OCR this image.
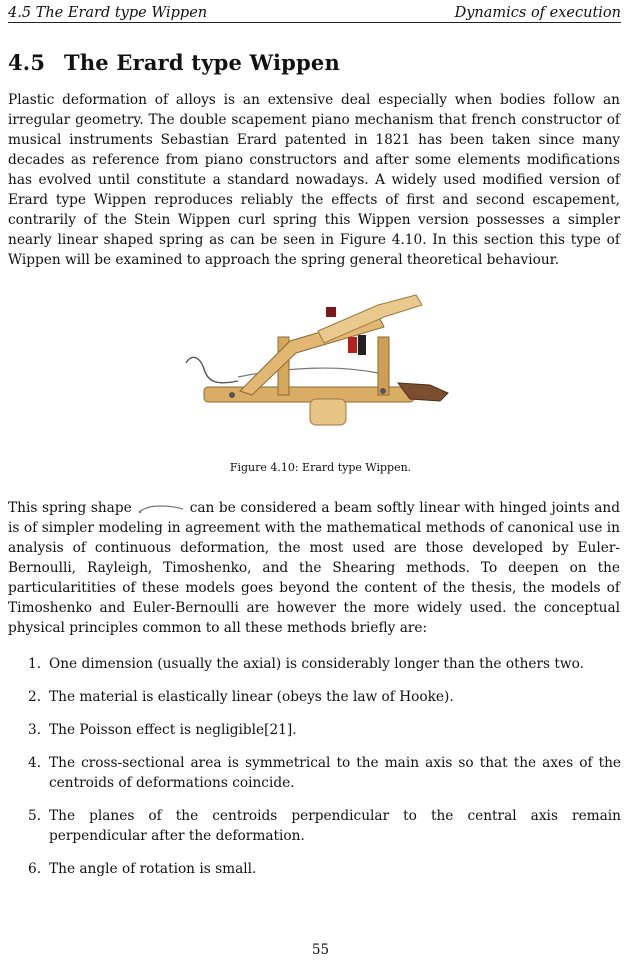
4.5 The Erard type Wippen	Dynamics of execution
4.5 The Erard type Wippen

Plastic deformation of alloys is an extensive deal especially when bodies follow an irregular geometry. The double scapement piano mechanism that french constructor of musical instruments Sebastian Erard patented in 1821 has been taken since many decades as reference from piano constructors and after some elements modifications has evolved until constitute a standard nowadays. A widely used modified version of Erard type Wippen reproduces reliably the effects of first and second escapement, contrarily of the Stein Wippen curl spring this Wippen version possesses a simpler nearly linear shaped spring as can be seen in Figure 4.10. In this section this type of Wippen will be examined to approach the spring general theoretical behaviour.

Figure 4.10: Erard type Wippen.

This spring shape	can be considered a beam softly linear with hinged joints and is of simpler modeling in agreement with the mathematical methods of canonical use in analysis of continuous deformation, the most used are those developed by Euler-Bernoulli, Rayleigh, Timoshenko, and the Shearing methods. To deepen on the particularitities of these models goes beyond the content of the thesis, the models of Timoshenko and Euler-Bernoulli are however the more widely used. the conceptual physical principles common to all these methods briefly are:

1. One dimension (usually the axial) is considerably longer than the others two.
2. The material is elastically linear (obeys the law of Hooke).
3. The Poisson effect is negligible[21].
4. The cross-sectional area is symmetrical to the main axis so that the axes of the centroids of deformations coincide.
5. The planes of the centroids perpendicular to the central axis remain perpendicular after the deformation.
6. The angle of rotation is small.
55
